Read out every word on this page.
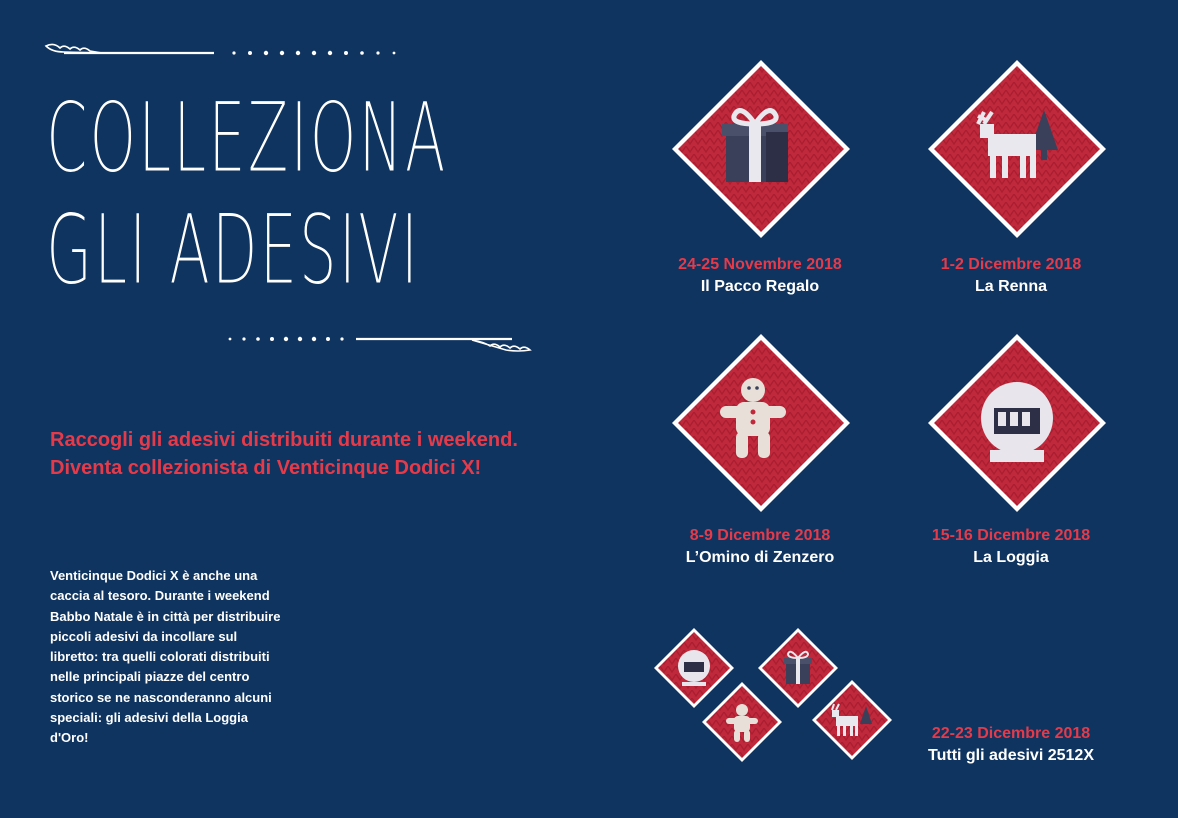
COLLEZIONA
GLI ADESIVI
Raccogli gli adesivi distribuiti durante i weekend. Diventa collezionista di Venticinque Dodici X!
Venticinque Dodici X è anche una caccia al tesoro. Durante i weekend Babbo Natale è in città per distribuire piccoli adesivi da incollare sul libretto: tra quelli colorati distribuiti nelle principali piazze del centro storico se ne nasconderanno alcuni speciali: gli adesivi della Loggia d'Oro!
24-25 Novembre 2018
Il Pacco Regalo
1-2 Dicembre 2018
La Renna
8-9 Dicembre 2018
L’Omino di Zenzero
15-16 Dicembre 2018
La Loggia
22-23 Dicembre 2018
Tutti gli adesivi 2512X
